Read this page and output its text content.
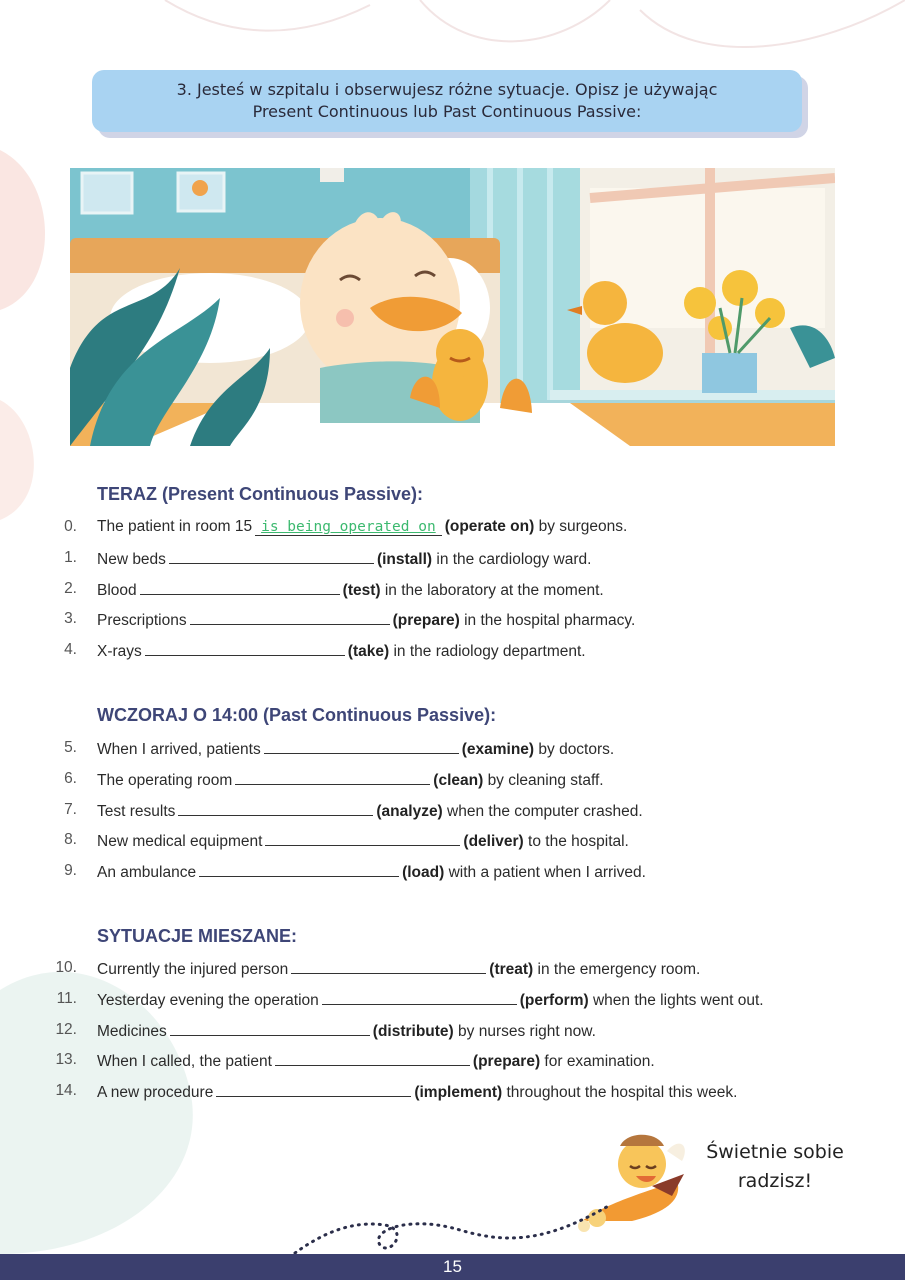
3. Jesteś w szpitalu i obserwujesz różne sytuacje. Opisz je używając
Present Continuous lub Past Continuous Passive:
TERAZ (Present Continuous Passive):
0. The patient in room 15 is being operated on (operate on) by surgeons.
1. New beds	(install) in the cardiology ward.
2. Blood	(test) in the laboratory at the moment.
3. Prescriptions	(prepare) in the hospital pharmacy.
4. X-rays	(take) in the radiology department.
WCZORAJ O 14:00 (Past Continuous Passive):
5. When I arrived, patients	(examine) by doctors.
6. The operating room	(clean) by cleaning staff.
7. Test results	(analyze) when the computer crashed.
8. New medical equipment	(deliver) to the hospital.
9. An ambulance	(load) with a patient when I arrived.
SYTUACJE MIESZANE:
10. Currently the injured person	(treat) in the emergency room.
11. Yesterday evening the operation	(perform) when the lights went out.
12. Medicines	(distribute) by nurses right now.
13. When I called, the patient	(prepare) for examination.
14. A new procedure	(implement) throughout the hospital this week.
Świetnie sobie
radzisz!
15
